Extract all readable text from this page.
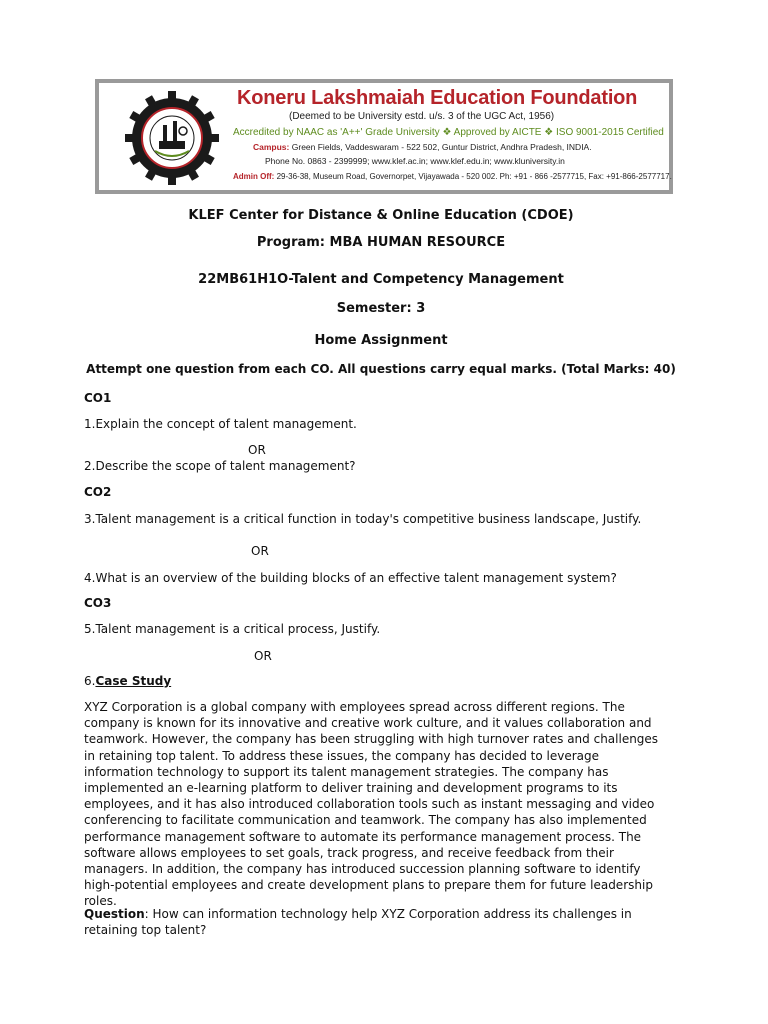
Koneru Lakshmaiah Education Foundation
(Deemed to be University estd. u/s. 3 of the UGC Act, 1956)
Accredited by NAAC as 'A++' Grade University ❖ Approved by AICTE ❖ ISO 9001-2015 Certified
Campus: Green Fields, Vaddeswaram - 522 502, Guntur District, Andhra Pradesh, INDIA.
Phone No. 0863 - 2399999; www.klef.ac.in; www.klef.edu.in; www.kluniversity.in
Admin Off: 29-36-38, Museum Road, Governorpet, Vijayawada - 520 002. Ph: +91 - 866 -2577715, Fax: +91-866-2577717.
KLEF Center for Distance & Online Education (CDOE)
Program: MBA HUMAN RESOURCE
22MB61H1O-Talent and Competency Management
Semester: 3
Home Assignment
Attempt one question from each CO. All questions carry equal marks. (Total Marks: 40)
CO1
1.Explain the concept of talent management.
OR
2.Describe the scope of talent management?
CO2
3.Talent management is a critical function in today's competitive business landscape, Justify.
OR
4.What is an overview of the building blocks of an effective talent management system?
CO3
5.Talent management is a critical process, Justify.
OR
6.Case Study

XYZ Corporation is a global company with employees spread across different regions. The company is known for its innovative and creative work culture, and it values collaboration and teamwork. However, the company has been struggling with high turnover rates and challenges in retaining top talent. To address these issues, the company has decided to leverage information technology to support its talent management strategies. The company has implemented an e-learning platform to deliver training and development programs to its employees, and it has also introduced collaboration tools such as instant messaging and video conferencing to facilitate communication and teamwork. The company has also implemented performance management software to automate its performance management process. The software allows employees to set goals, track progress, and receive feedback from their managers. In addition, the company has introduced succession planning software to identify high-potential employees and create development plans to prepare them for future leadership roles.

Question: How can information technology help XYZ Corporation address its challenges in retaining top talent?
